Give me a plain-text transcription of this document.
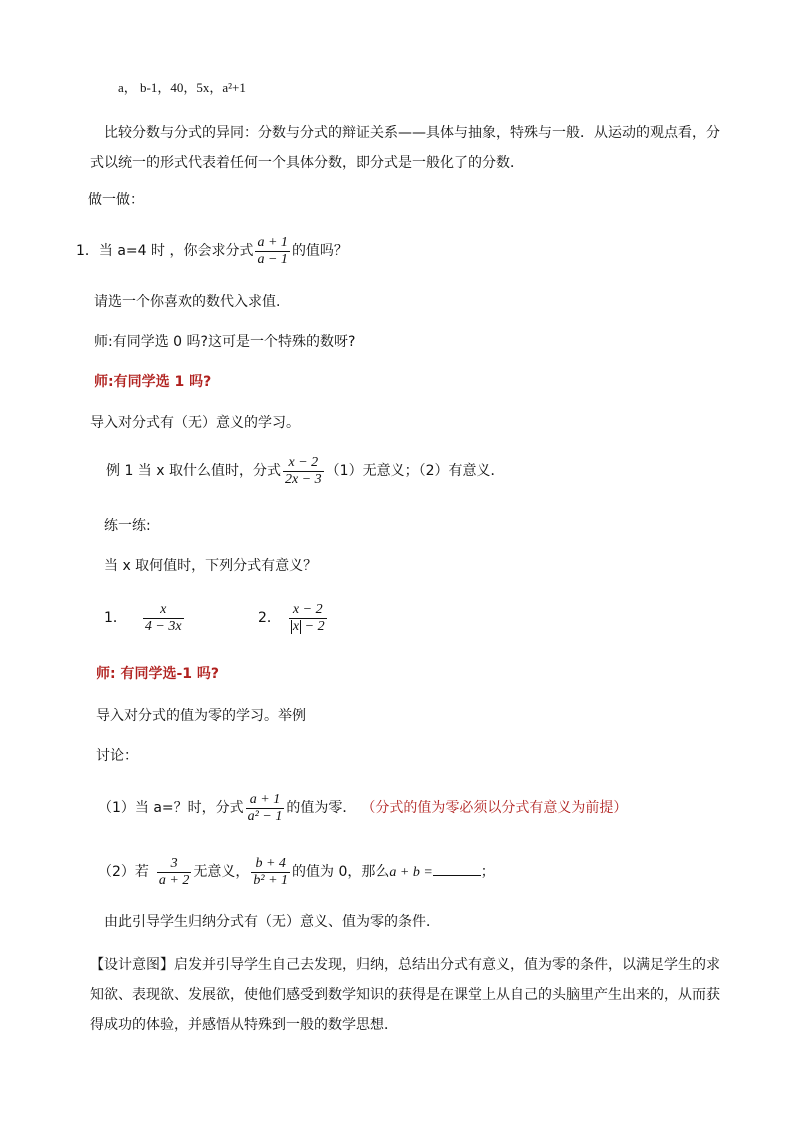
a， b-1，40，5x，a²+1
比较分数与分式的异同：分数与分式的辩证关系——具体与抽象，特殊与一般．从运动的观点看，分式以统一的形式代表着任何一个具体分数，即分式是一般化了的分数．
做一做：
1．当 a=4 时 ，你会求分式 $\frac{a + 1}{a - 1}$ 的值吗？
请选一个你喜欢的数代入求值.
师:有同学选 0 吗?这可是一个特殊的数呀?
师:有同学选 1 吗?
导入对分式有（无）意义的学习。
例 1 当 x 取什么值时，分式 $\frac{x - 2}{2x - 3} (1)$无意义；（2）有意义．
练一练:
当 x 取何值时，下列分式有意义？
1． $\frac{x}{4 - 3x}$	2． $\frac{x - 2}{x - 2}$
师: 有同学选-1 吗?
导入对分式的值为零的学习。举例
讨论：
（1）当 a=？时，分式 $\frac{a + 1}{\text{a² − 1}}$ 的值为零． （分式的值为零必须以分式有意义为前提）
（2）若 $\frac{3}{a + 2}$ 无意义， $\frac{b + 4}{\text{b² + 1}}$ 的值为 0，那么a + b =	；
由此引导学生归纳分式有（无）意义、值为零的条件．
【设计意图】启发并引导学生自己去发现，归纳，总结出分式有意义，值为零的条件，以满足学生的求知欲、表现欲、发展欲，使他们感受到数学知识的获得是在课堂上从自己的头脑里产生出来的，从而获得成功的体验，并感悟从特殊到一般的数学思想．
